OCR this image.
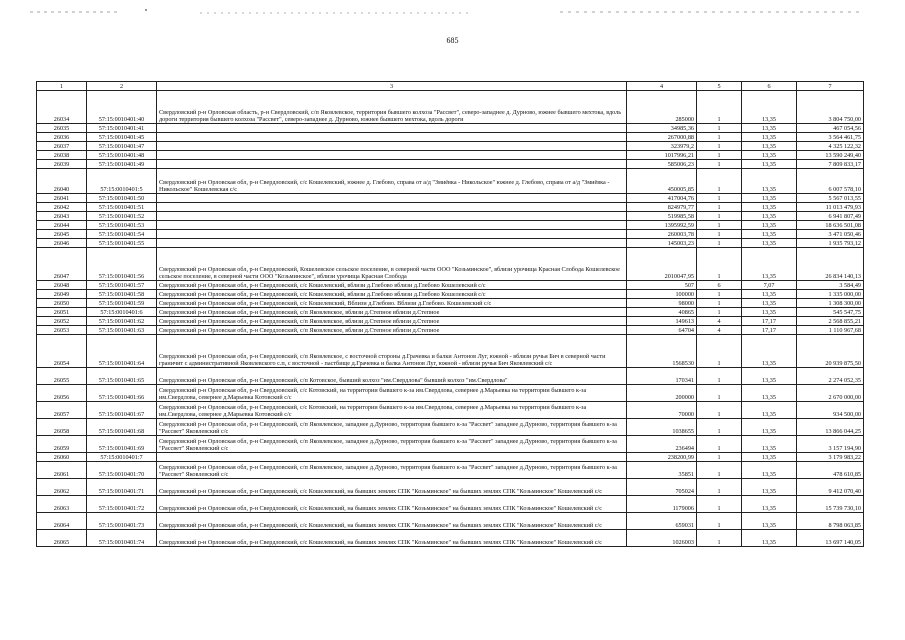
685
1	2	3	4	5	6	7
26034	57:15:0010401:40	Свердловский р-н Орловская область, р-н Свердловский, с/п Яковлевское, территория бывшего колхоза "Рассвет", северо-западнее д. Дурново, южнее бывшего мехтока, вдоль дороги территория бывшего колхоза "Рассвет", северо-западнее д. Дурново, южнее бывшего мехтока, вдоль дороги	285000	1	13,35	3 804 750,00
26035	57:15:0010401:41		34985,36	1	13,35	467 054,56
26036	57:15:0010401:45		267000,88	1	13,35	3 564 461,75
26037	57:15:0010401:47		323979,2	1	13,35	4 325 122,32
26038	57:15:0010401:48		1017996,21	1	13,35	13 590 249,40
26039	57:15:0010401:49		585006,23	1	13,35	7 809 833,17
26040	57:15:0010401:5	Свердловский р-н Орловская обл, р-н Свердловский, с/с Кошелевский, южнее д. Глебово, справа от а/д "Змиёвка - Никольское" южнее д. Глебово, справа от а/д "Змиёвка - Никольское" Кошелевская с/с	450005,85	1	13,35	6 007 578,10
26041	57:15:0010401:50		417004,76	1	13,35	5 567 013,55
26042	57:15:0010401:51		824979,77	1	13,35	11 013 479,93
26043	57:15:0010401:52		519985,58	1	13,35	6 941 807,49
26044	57:15:0010401:53		1395992,59	1	13,35	18 636 501,08
26045	57:15:0010401:54		260003,78	1	13,35	3 471 050,46
26046	57:15:0010401:55		145003,23	1	13,35	1 935 793,12
26047	57:15:0010401:56	Свердловский р-н Орловская обл, р-н Свердловский, Кошелевское сельское поселение, в северной части ООО "Козьминское", вблизи урочища Красная Слобода Кошелевское сельское поселение, в северной части ООО "Козьминское", вблизи урочища Красная Слобода	2010047,95	1	13,35	26 834 140,13
26048	57:15:0010401:57	Свердловский р-н Орловская обл, р-н Свердловский, с/с Кошелевский, вблизи д.Глебово вблизи д.Глебово Кошелевский с/с	507	6	7,07	3 584,49
26049	57:15:0010401:58	Свердловский р-н Орловская обл, р-н Свердловский, с/с Кошелевский, вблизи д.Глебово вблизи д.Глебово Кошелевский с/с	100000	1	13,35	1 335 000,00
26050	57:15:0010401:59	Свердловский р-н Орловская обл, р-н Свердловский, с/с Кошелевский, Вблизи д.Глебово. Вблизи д.Глебово. Кошелевский с/с	98000	1	13,35	1 308 300,00
26051	57:15:0010401:6	Свердловский р-н Орловская обл, р-н Свердловский, с/п Яковлевское, вблизи д.Степное вблизи д.Степное	40865	1	13,35	545 547,75
26052	57:15:0010401:62	Свердловский р-н Орловская обл, р-н Свердловский, с/п Яковлевское, вблизи д.Степное вблизи д.Степное	149613	4	17,17	2 568 855,21
26053	57:15:0010401:63	Свердловский р-н Орловская обл, р-н Свердловский, с/п Яковлевское, вблизи д.Степное вблизи д.Степное	64704	4	17,17	1 110 967,68
26054	57:15:0010401:64	Свердловский р-н Орловская обл, р-н Свердловский, с/п Яковлевское, с восточной стороны д.Грачевка и балки Антонов Луг, южной - вблизи ручья Бич в северной части граничит с административной Яковлевского с.п, с восточной - пастбище д.Грачевка и балка Антонов Луг, южной - вблизи ручья Бич Яковлевский с/с	1568530	1	13,35	20 939 875,50
26055	57:15:0010401:65	Свердловский р-н Орловская обл, р-н Свердловский, с/п Котовское, бывший колхоз "им.Свердлова" бывший колхоз "им.Свердлова"	170341	1	13,35	2 274 052,35
26056	57:15:0010401:66	Свердловский р-н Орловская обл, р-н Свердловский, с/с Котовский, на территории бывшего к-за им.Свердлова, севернее д.Марьевка на территории бывшего к-за им.Свердлова, севернее д.Марьевка Котовский с/с	200000	1	13,35	2 670 000,00
26057	57:15:0010401:67	Свердловский р-н Орловская обл, р-н Свердловский, с/с Котовский, на территории бывшего к-за им.Свердлова, севернее д.Марьевка на территории бывшего к-за им.Свердлова, севернее д.Марьевка Котовский с/с	70000	1	13,35	934 500,00
26058	57:15:0010401:68	Свердловский р-н Орловская обл, р-н Свердловский, с/п Яковлевское, западнее д.Дурново, территория бывшего к-за "Рассвет" западнее д.Дурново, территория бывшего к-за "Рассвет" Яковлевский с/с	1038655	1	13,35	13 866 044,25
26059	57:15:0010401:69	Свердловский р-н Орловская обл, р-н Свердловский, с/п Яковлевское, западнее д.Дурново, территория бывшего к-за "Рассвет" западнее д.Дурново, территория бывшего к-за "Рассвет" Яковлевский с/с	236494	1	13,35	3 157 194,90
26060	57:15:0010401:7		238200,99	1	13,35	3 179 983,22
26061	57:15:0010401:70	Свердловский р-н Орловская обл, р-н Свердловский, с/п Яковлевское, западнее д.Дурново, территория бывшего к-за "Рассвет" западнее д.Дурново, территория бывшего к-за "Рассвет" Яковлевский с/с	35851	1	13,35	478 610,85
26062	57:15:0010401:71	Свердловский р-н Орловская обл, р-н Свердловский, с/с Кошелевский, на бывших землях СПК "Козьминское" на бывших землях СПК "Козьминское" Кошелевский с/с	705024	1	13,35	9 412 070,40
26063	57:15:0010401:72	Свердловский р-н Орловская обл, р-н Свердловский, с/с Кошелевский, на бывших землях СПК "Козьминское" на бывших землях СПК "Козьминское" Кошелевский с/с	1179006	1	13,35	15 739 730,10
26064	57:15:0010401:73	Свердловский р-н Орловская обл, р-н Свердловский, с/с Кошелевский, на бывших землях СПК "Козьминское" на бывших землях СПК "Козьминское" Кошелевский с/с	659031	1	13,35	8 798 063,85
26065	57:15:0010401:74	Свердловский р-н Орловская обл, р-н Свердловский, с/с Кошелевский, на бывших землях СПК "Козьминское" на бывших землях СПК "Козьминское" Кошелевский с/с	1026003	1	13,35	13 697 140,05
